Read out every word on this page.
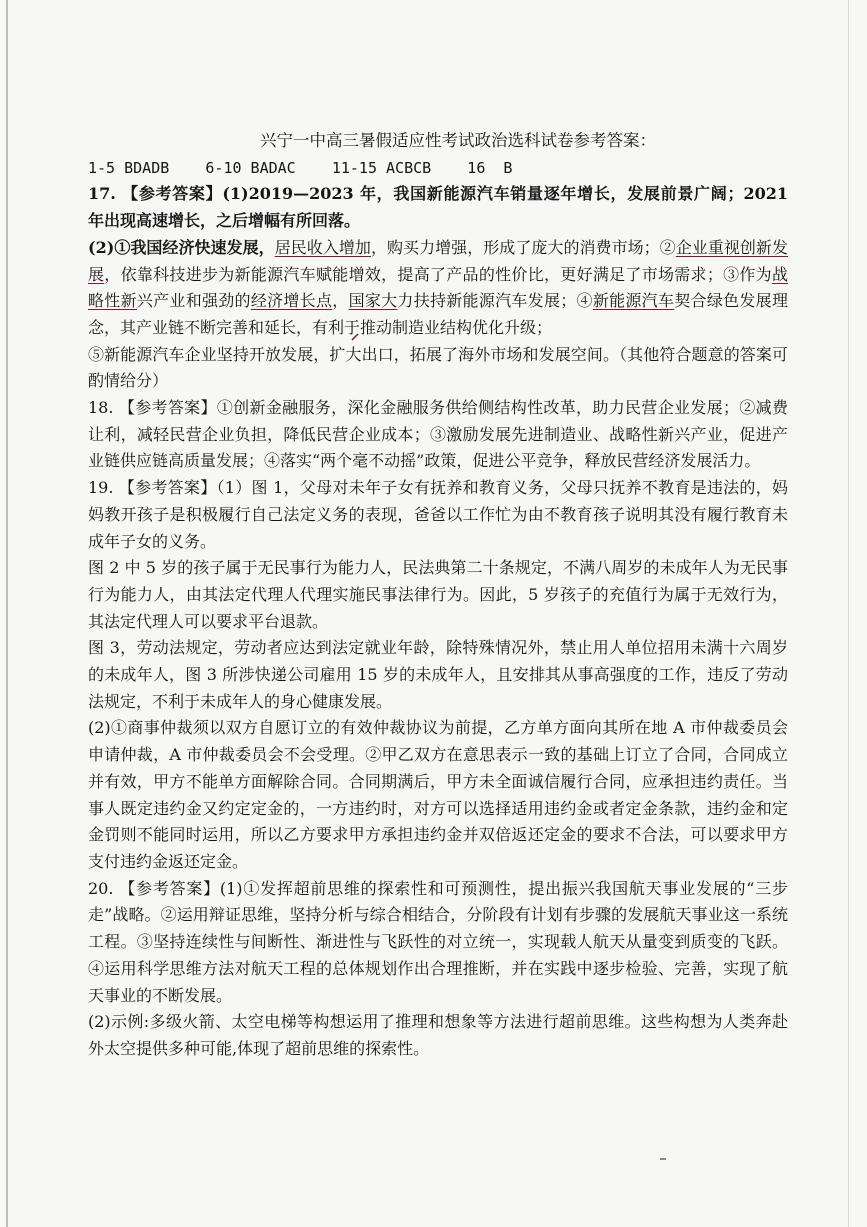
兴宁一中高三暑假适应性考试政治选科试卷参考答案：

1-5 BDADB    6-10 BADAC    11-15 ACBCB    16  B

17. 【参考答案】(1)2019—2023 年，我国新能源汽车销量逐年增长，发展前景广阔；2021 年出现高速增长，之后增幅有所回落。

(2)①我国经济快速发展，居民收入增加，购买力增强，形成了庞大的消费市场；②企业重视创新发展，依靠科技进步为新能源汽车赋能增效，提高了产品的性价比，更好满足了市场需求；③作为战略性新兴产业和强劲的经济增长点，国家大力扶持新能源汽车发展；④新能源汽车契合绿色发展理念，其产业链不断完善和延长，有利于推动制造业结构优化升级；

⑤新能源汽车企业坚持开放发展，扩大出口，拓展了海外市场和发展空间。（其他符合题意的答案可酌情给分）

18. 【参考答案】①创新金融服务，深化金融服务供给侧结构性改革，助力民营企业发展；②减费让利，减轻民营企业负担，降低民营企业成本；③激励发展先进制造业、战略性新兴产业，促进产业链供应链高质量发展；④落实“两个毫不动摇”政策，促进公平竞争，释放民营经济发展活力。

19. 【参考答案】（1）图 1，父母对未年子女有抚养和教育义务，父母只抚养不教育是违法的，妈妈教开孩子是积极履行自己法定义务的表现，爸爸以工作忙为由不教育孩子说明其没有履行教育未成年子女的义务。

图 2 中 5 岁的孩子属于无民事行为能力人，民法典第二十条规定，不满八周岁的未成年人为无民事行为能力人，由其法定代理人代理实施民事法律行为。因此，5 岁孩子的充值行为属于无效行为，其法定代理人可以要求平台退款。

图 3，劳动法规定，劳动者应达到法定就业年龄，除特殊情况外，禁止用人单位招用未满十六周岁的未成年人，图 3 所涉快递公司雇用 15 岁的未成年人，且安排其从事高强度的工作，违反了劳动法规定，不利于未成年人的身心健康发展。

(2)①商事仲裁须以双方自愿订立的有效仲裁协议为前提，乙方单方面向其所在地 A 市仲裁委员会申请仲裁，A 市仲裁委员会不会受理。②甲乙双方在意思表示一致的基础上订立了合同，合同成立并有效，甲方不能单方面解除合同。合同期满后，甲方未全面诚信履行合同，应承担违约责任。当事人既定违约金又约定定金的，一方违约时，对方可以选择适用违约金或者定金条款，违约金和定金罚则不能同时运用，所以乙方要求甲方承担违约金并双倍返还定金的要求不合法，可以要求甲方支付违约金返还定金。

20. 【参考答案】(1)①发挥超前思维的探索性和可预测性，提出振兴我国航天事业发展的“三步走”战略。②运用辩证思维，坚持分析与综合相结合，分阶段有计划有步骤的发展航天事业这一系统工程。③坚持连续性与间断性、渐进性与飞跃性的对立统一，实现载人航天从量变到质变的飞跃。④运用科学思维方法对航天工程的总体规划作出合理推断，并在实践中逐步检验、完善，实现了航天事业的不断发展。

(2)示例:多级火箭、太空电梯等构想运用了推理和想象等方法进行超前思维。这些构想为人类奔赴外太空提供多种可能,体现了超前思维的探索性。
